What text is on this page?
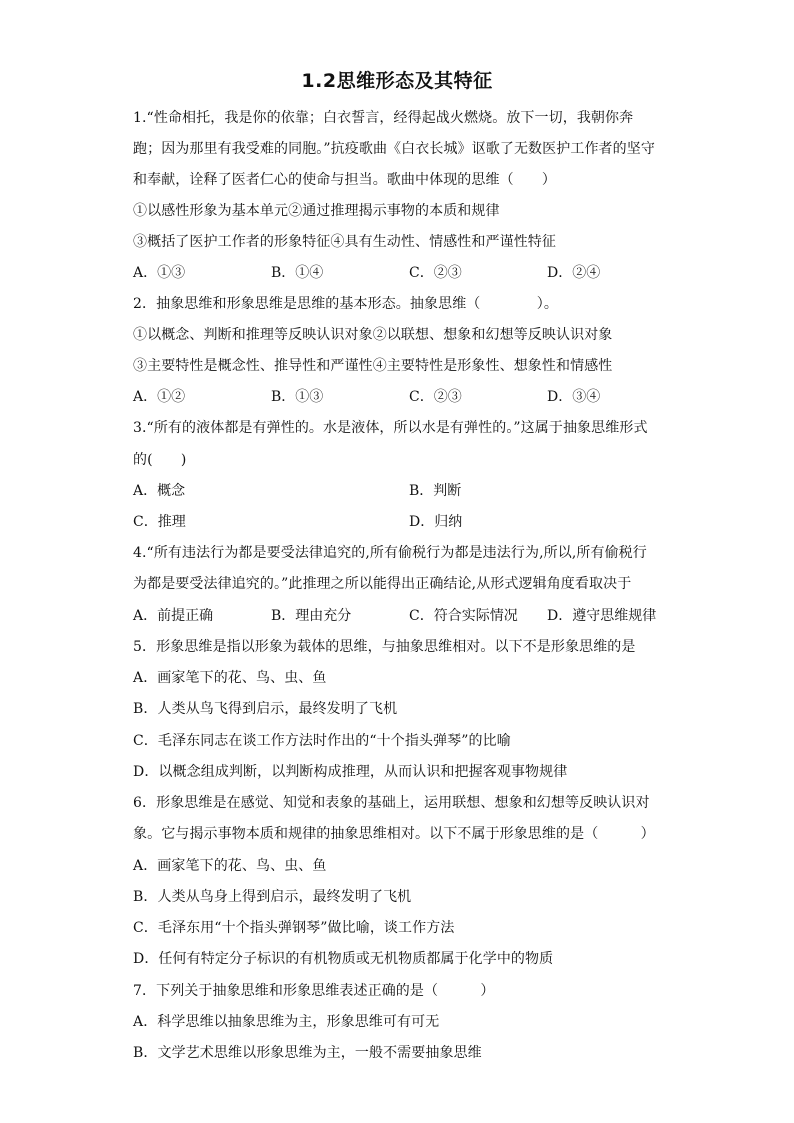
1.2思维形态及其特征
1.“性命相托，我是你的依靠；白衣誓言，经得起战火燃烧。放下一切，我朝你奔
跑；因为那里有我受难的同胞。”抗疫歌曲《白衣长城》讴歌了无数医护工作者的坚守
和奉献，诠释了医者仁心的使命与担当。歌曲中体现的思维（　　）
①以感性形象为基本单元②通过推理揭示事物的本质和规律
③概括了医护工作者的形象特征④具有生动性、情感性和严谨性特征
A．①③	B．①④	C．②③	D．②④
2．抽象思维和形象思维是思维的基本形态。抽象思维（　　　　）。
①以概念、判断和推理等反映认识对象②以联想、想象和幻想等反映认识对象
③主要特性是概念性、推导性和严谨性④主要特性是形象性、想象性和情感性
A．①②	B．①③	C．②③	D．③④
3.“所有的液体都是有弹性的。水是液体，所以水是有弹性的。”这属于抽象思维形式
的(　　)
A．概念	B．判断
C．推理	D．归纳
4.“所有违法行为都是要受法律追究的,所有偷税行为都是违法行为,所以,所有偷税行
为都是要受法律追究的。”此推理之所以能得出正确结论,从形式逻辑角度看取决于
A．前提正确	B．理由充分	C．符合实际情况 D．遵守思维规律
5．形象思维是指以形象为载体的思维，与抽象思维相对。以下不是形象思维的是
A．画家笔下的花、鸟、虫、鱼
B．人类从鸟飞得到启示，最终发明了飞机
C．毛泽东同志在谈工作方法时作出的“十个指头弹琴”的比喻
D．以概念组成判断，以判断构成推理，从而认识和把握客观事物规律
6．形象思维是在感觉、知觉和表象的基础上，运用联想、想象和幻想等反映认识对
象。它与揭示事物本质和规律的抽象思维相对。以下不属于形象思维的是（　　　）
A．画家笔下的花、鸟、虫、鱼
B．人类从鸟身上得到启示，最终发明了飞机
C．毛泽东用“十个指头弹钢琴”做比喻，谈工作方法
D．任何有特定分子标识的有机物质或无机物质都属于化学中的物质
7．下列关于抽象思维和形象思维表述正确的是（　　　）
A．科学思维以抽象思维为主，形象思维可有可无
B．文学艺术思维以形象思维为主，一般不需要抽象思维
